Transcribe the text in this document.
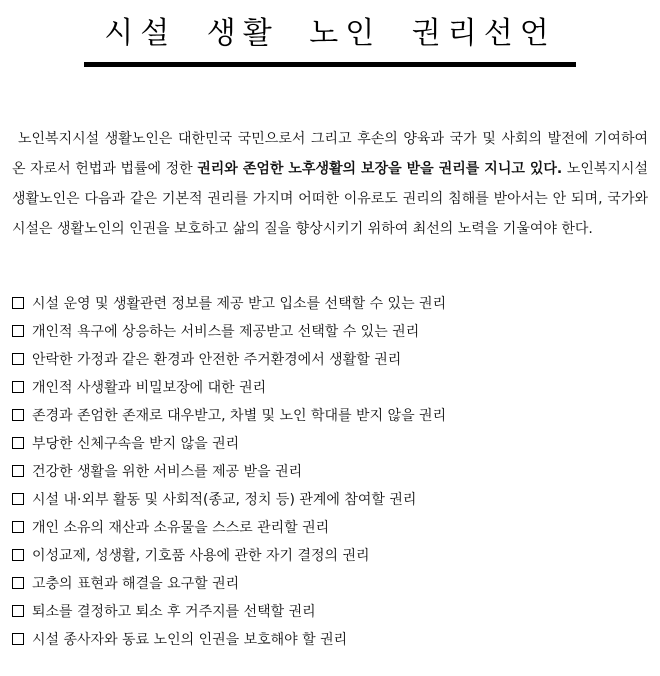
시설 생활 노인 권리선언

노인복지시설 생활노인은 대한민국 국민으로서 그리고 후손의 양육과 국가 및 사회의 발전에 기여하여 온 자로서 헌법과 법률에 정한 권리와 존엄한 노후생활의 보장을 받을 권리를 지니고 있다. 노인복지시설 생활노인은 다음과 같은 기본적 권리를 가지며 어떠한 이유로도 권리의 침해를 받아서는 안 되며, 국가와 시설은 생활노인의 인권을 보호하고 삶의 질을 향상시키기 위하여 최선의 노력을 기울여야 한다.

시설 운영 및 생활관련 정보를 제공 받고 입소를 선택할 수 있는 권리
개인적 욕구에 상응하는 서비스를 제공받고 선택할 수 있는 권리
안락한 가정과 같은 환경과 안전한 주거환경에서 생활할 권리
개인적 사생활과 비밀보장에 대한 권리
존경과 존엄한 존재로 대우받고, 차별 및 노인 학대를 받지 않을 권리
부당한 신체구속을 받지 않을 권리
건강한 생활을 위한 서비스를 제공 받을 권리
시설 내·외부 활동 및 사회적(종교, 정치 등) 관계에 참여할 권리
개인 소유의 재산과 소유물을 스스로 관리할 권리
이성교제, 성생활, 기호품 사용에 관한 자기 결정의 권리
고충의 표현과 해결을 요구할 권리
퇴소를 결정하고 퇴소 후 거주지를 선택할 권리
시설 종사자와 동료 노인의 인권을 보호해야 할 권리
